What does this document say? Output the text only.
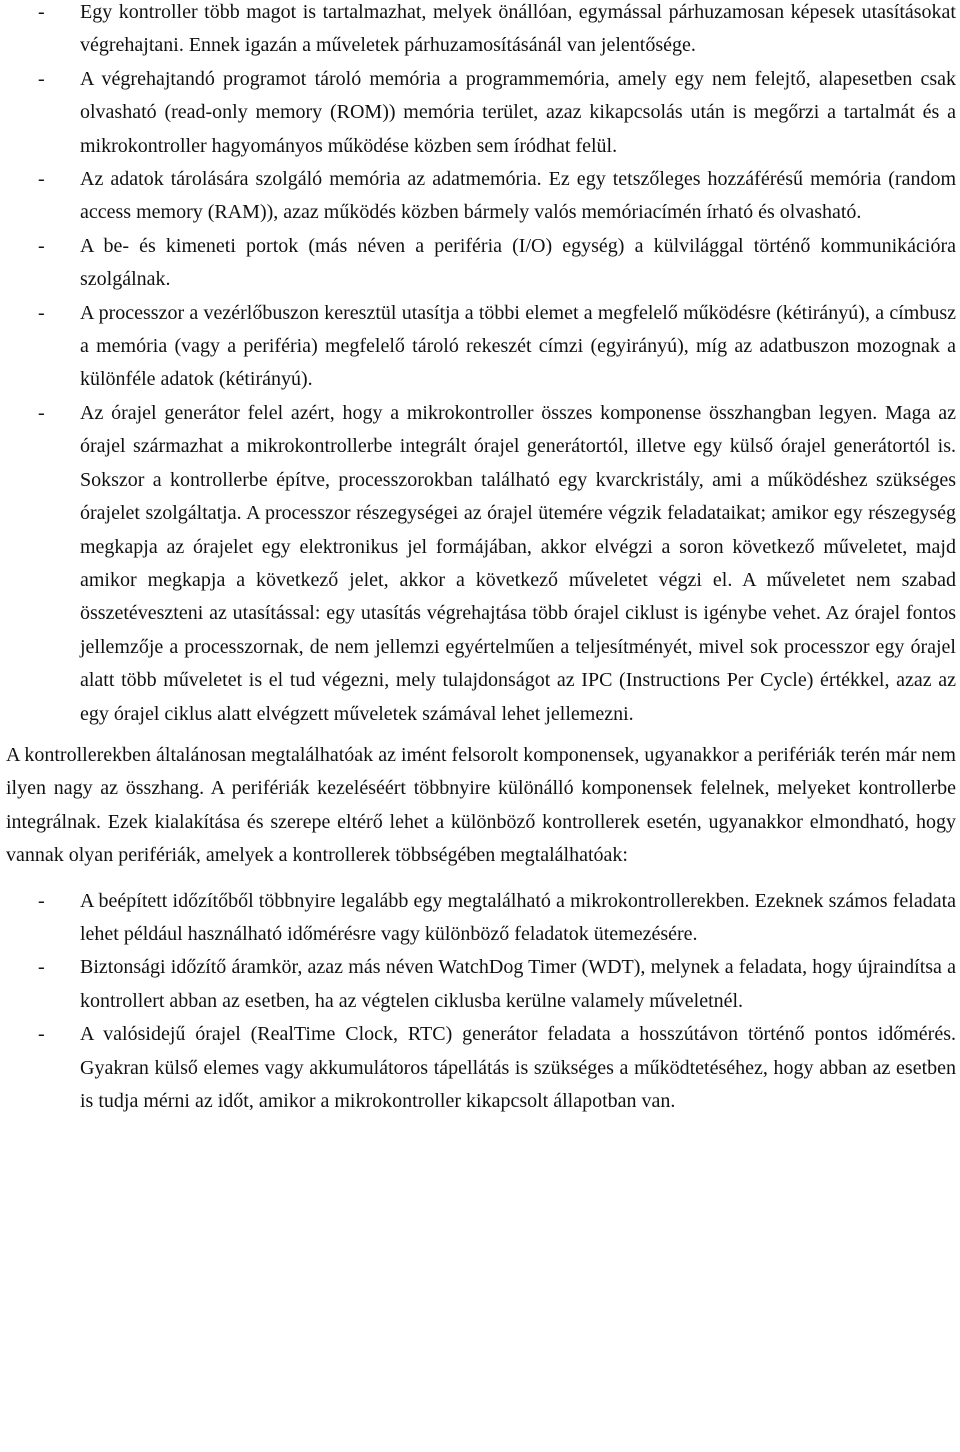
- Egy kontroller több magot is tartalmazhat, melyek önállóan, egymással párhuzamosan képesek utasításokat végrehajtani. Ennek igazán a műveletek párhuzamosításánál van jelentősége.
- A végrehajtandó programot tároló memória a programmemória, amely egy nem felejtő, alapesetben csak olvasható (read-only memory (ROM)) memória terület, azaz kikapcsolás után is megőrzi a tartalmát és a mikrokontroller hagyományos működése közben sem íródhat felül.
- Az adatok tárolására szolgáló memória az adatmemória. Ez egy tetszőleges hozzáférésű memória (random access memory (RAM)), azaz működés közben bármely valós memóriacímén írható és olvasható.
- A be- és kimeneti portok (más néven a periféria (I/O) egység) a külvilággal történő kommunikációra szolgálnak.
- A processzor a vezérlőbuszon keresztül utasítja a többi elemet a megfelelő működésre (kétirányú), a címbusz a memória (vagy a periféria) megfelelő tároló rekeszét címzi (egyirányú), míg az adatbuszon mozognak a különféle adatok (kétirányú).
- Az órajel generátor felel azért, hogy a mikrokontroller összes komponense összhangban legyen. Maga az órajel származhat a mikrokontrollerbe integrált órajel generátortól, illetve egy külső órajel generátortól is. Sokszor a kontrollerbe építve, processzorokban található egy kvarckristály, ami a működéshez szükséges órajelet szolgáltatja. A processzor részegységei az órajel ütemére végzik feladataikat; amikor egy részegység megkapja az órajelet egy elektronikus jel formájában, akkor elvégzi a soron következő műveletet, majd amikor megkapja a következő jelet, akkor a következő műveletet végzi el. A műveletet nem szabad összetéveszteni az utasítással: egy utasítás végrehajtása több órajel ciklust is igénybe vehet. Az órajel fontos jellemzője a processzornak, de nem jellemzi egyértelműen a teljesítményét, mivel sok processzor egy órajel alatt több műveletet is el tud végezni, mely tulajdonságot az IPC (Instructions Per Cycle) értékkel, azaz az egy órajel ciklus alatt elvégzett műveletek számával lehet jellemezni.

A kontrollerekben általánosan megtalálhatóak az imént felsorolt komponensek, ugyanakkor a perifériák terén már nem ilyen nagy az összhang. A perifériák kezeléséért többnyire különálló komponensek felelnek, melyeket kontrollerbe integrálnak. Ezek kialakítása és szerepe eltérő lehet a különböző kontrollerek esetén, ugyanakkor elmondható, hogy vannak olyan perifériák, amelyek a kontrollerek többségében megtalálhatóak:

- A beépített időzítőből többnyire legalább egy megtalálható a mikrokontrollerekben. Ezeknek számos feladata lehet például használható időmérésre vagy különböző feladatok ütemezésére.
- Biztonsági időzítő áramkör, azaz más néven WatchDog Timer (WDT), melynek a feladata, hogy újraindítsa a kontrollert abban az esetben, ha az végtelen ciklusba kerülne valamely műveletnél.
- A valósidejű órajel (RealTime Clock, RTC) generátor feladata a hosszútávon történő pontos időmérés. Gyakran külső elemes vagy akkumulátoros tápellátás is szükséges a működtetéséhez, hogy abban az esetben is tudja mérni az időt, amikor a mikrokontroller kikapcsolt állapotban van.
